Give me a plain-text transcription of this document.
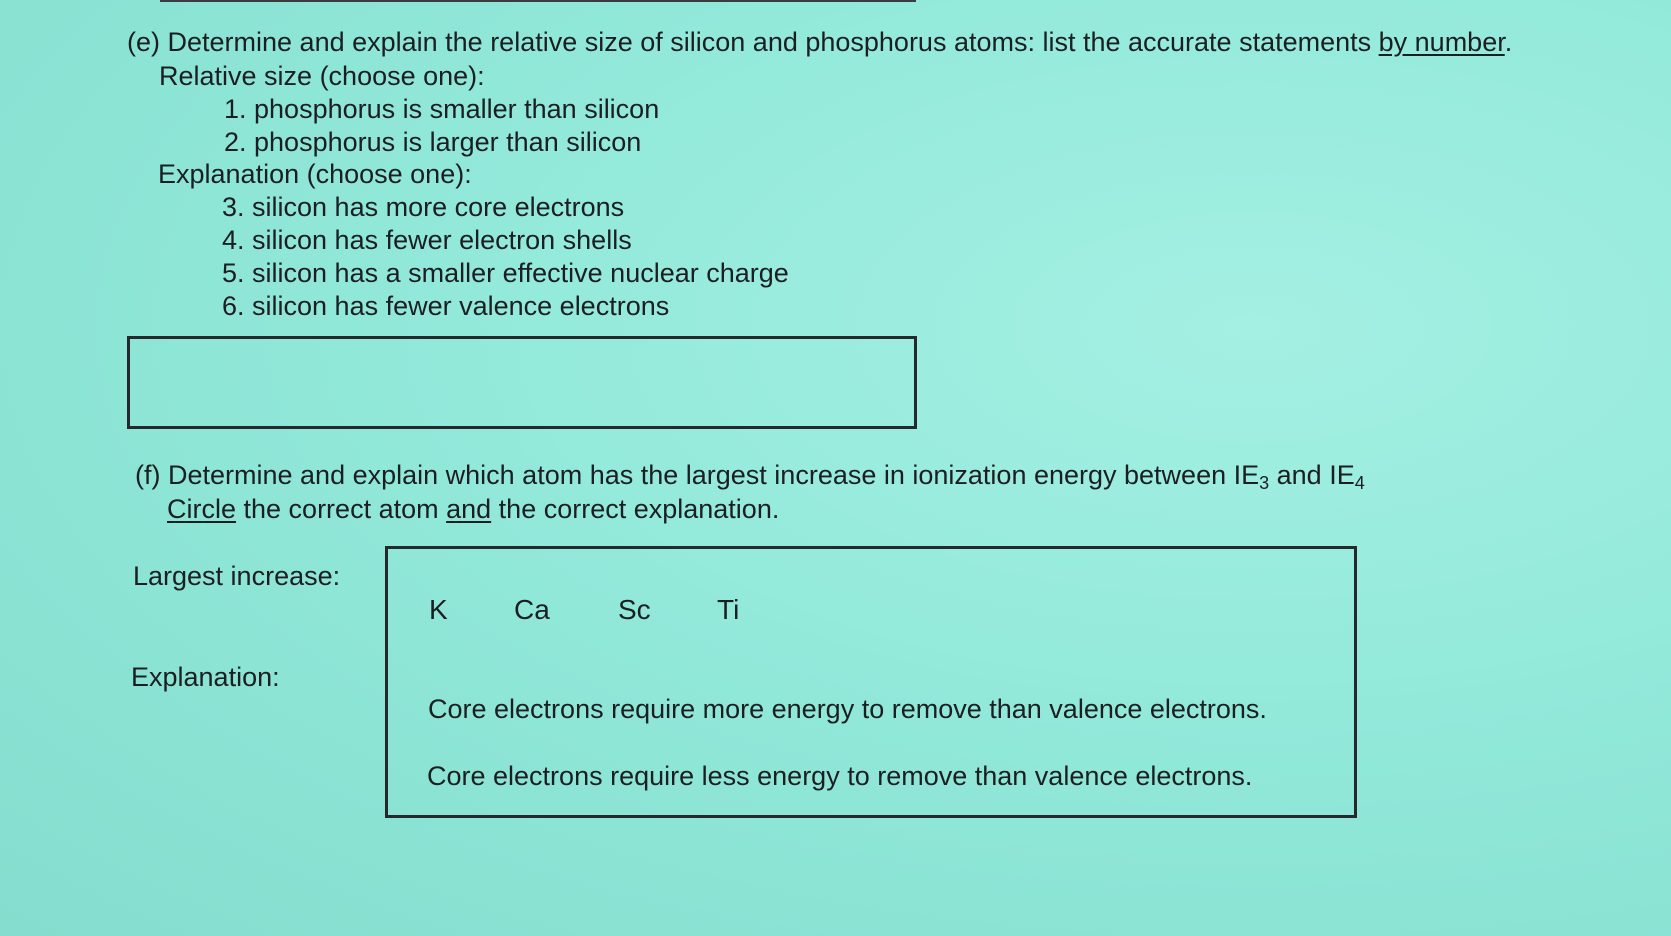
(e) Determine and explain the relative size of silicon and phosphorus atoms: list the accurate statements by number.
Relative size (choose one):
1. phosphorus is smaller than silicon
2. phosphorus is larger than silicon
Explanation (choose one):
3. silicon has more core electrons
4. silicon has fewer electron shells
5. silicon has a smaller effective nuclear charge
6. silicon has fewer valence electrons
(f) Determine and explain which atom has the largest increase in ionization energy between $IE_3$ and $IE_4$
Circle the correct atom and the correct explanation.
Largest increase:
Explanation:
K Ca Sc Ti
Core electrons require more energy to remove than valence electrons.
Core electrons require less energy to remove than valence electrons.
